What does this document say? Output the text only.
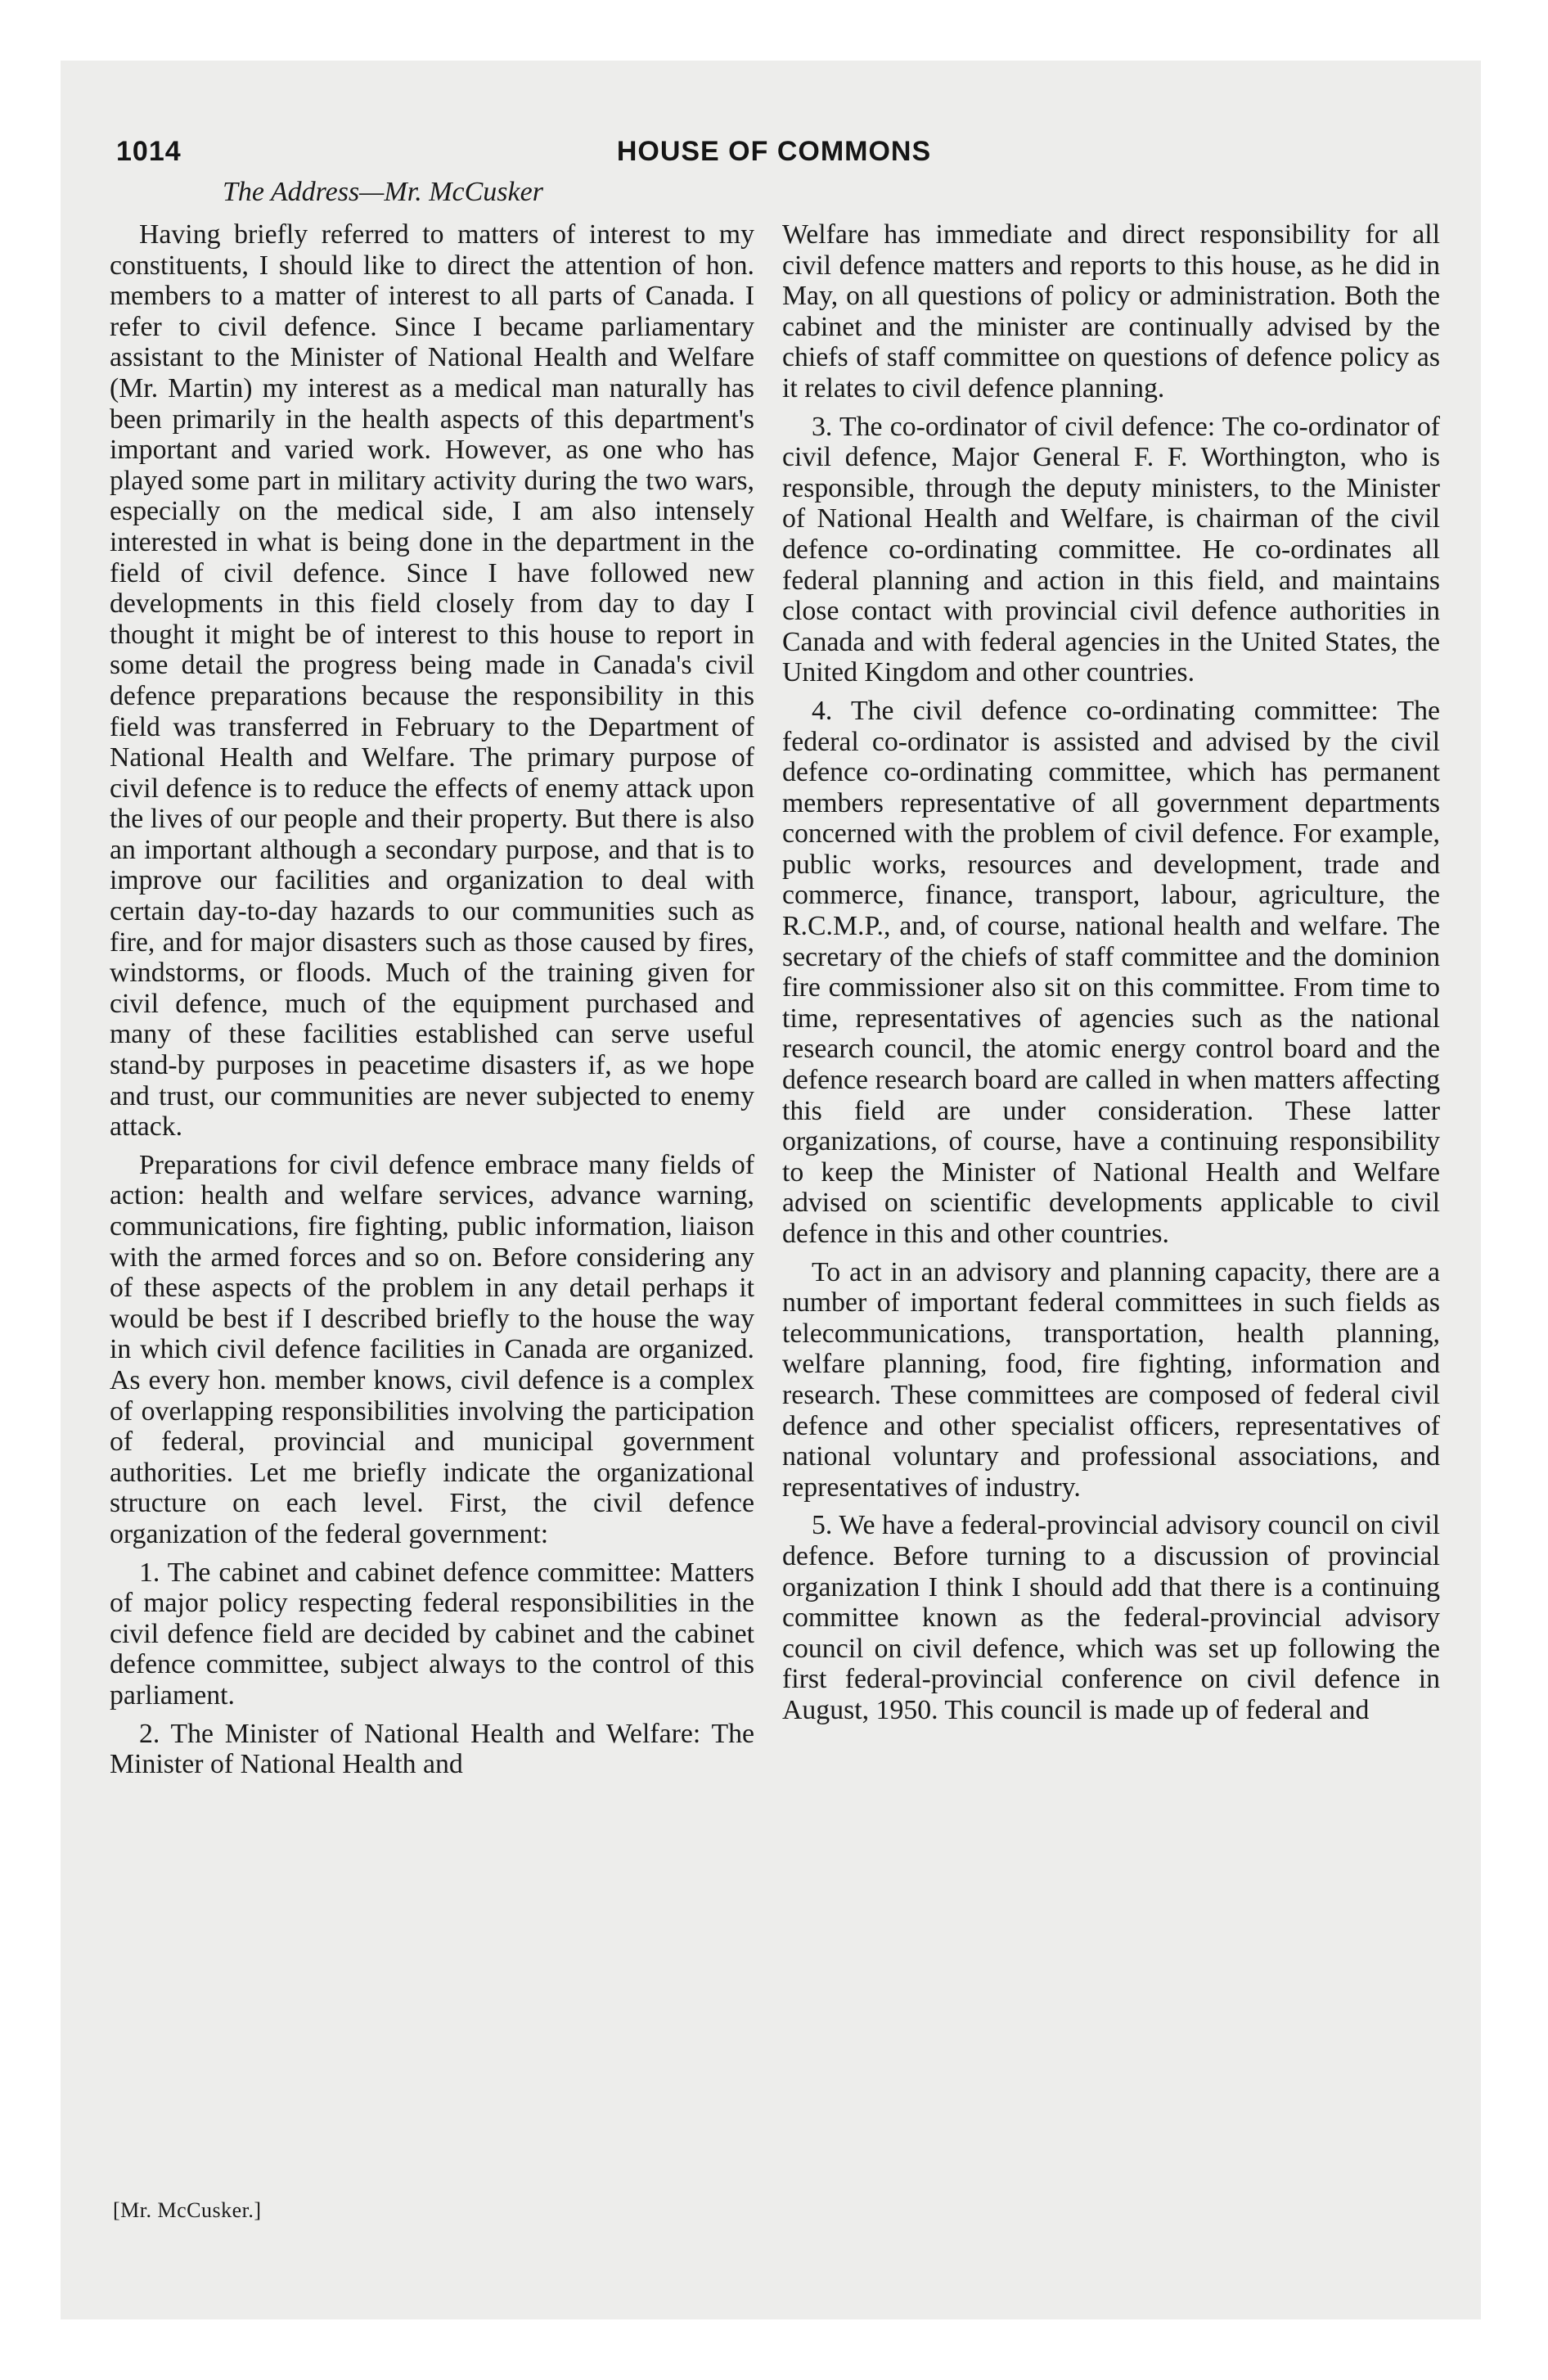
1014	HOUSE OF COMMONS
The Address—Mr. McCusker

Having briefly referred to matters of interest to my constituents, I should like to direct the attention of hon. members to a matter of interest to all parts of Canada. I refer to civil defence. Since I became parliamentary assistant to the Minister of National Health and Welfare (Mr. Martin) my interest as a medical man naturally has been primarily in the health aspects of this department's important and varied work. However, as one who has played some part in military activity during the two wars, especially on the medical side, I am also intensely interested in what is being done in the department in the field of civil defence. Since I have followed new developments in this field closely from day to day I thought it might be of interest to this house to report in some detail the progress being made in Canada's civil defence preparations because the responsibility in this field was transferred in February to the Department of National Health and Welfare. The primary purpose of civil defence is to reduce the effects of enemy attack upon the lives of our people and their property. But there is also an important although a secondary purpose, and that is to improve our facilities and organization to deal with certain day-to-day hazards to our communities such as fire, and for major disasters such as those caused by fires, windstorms, or floods. Much of the training given for civil defence, much of the equipment purchased and many of these facilities established can serve useful stand-by purposes in peacetime disasters if, as we hope and trust, our communities are never subjected to enemy attack.

Preparations for civil defence embrace many fields of action: health and welfare services, advance warning, communications, fire fighting, public information, liaison with the armed forces and so on. Before considering any of these aspects of the problem in any detail perhaps it would be best if I described briefly to the house the way in which civil defence facilities in Canada are organized. As every hon. member knows, civil defence is a complex of overlapping responsibilities involving the participation of federal, provincial and municipal government authorities. Let me briefly indicate the organizational structure on each level. First, the civil defence organization of the federal government:

1. The cabinet and cabinet defence committee: Matters of major policy respecting federal responsibilities in the civil defence field are decided by cabinet and the cabinet defence committee, subject always to the control of this parliament.

2. The Minister of National Health and Welfare: The Minister of National Health and

Welfare has immediate and direct responsibility for all civil defence matters and reports to this house, as he did in May, on all questions of policy or administration. Both the cabinet and the minister are continually advised by the chiefs of staff committee on questions of defence policy as it relates to civil defence planning.

3. The co-ordinator of civil defence: The co-ordinator of civil defence, Major General F. F. Worthington, who is responsible, through the deputy ministers, to the Minister of National Health and Welfare, is chairman of the civil defence co-ordinating committee. He co-ordinates all federal planning and action in this field, and maintains close contact with provincial civil defence authorities in Canada and with federal agencies in the United States, the United Kingdom and other countries.

4. The civil defence co-ordinating committee: The federal co-ordinator is assisted and advised by the civil defence co-ordinating committee, which has permanent members representative of all government departments concerned with the problem of civil defence. For example, public works, resources and development, trade and commerce, finance, transport, labour, agriculture, the R.C.M.P., and, of course, national health and welfare. The secretary of the chiefs of staff committee and the dominion fire commissioner also sit on this committee. From time to time, representatives of agencies such as the national research council, the atomic energy control board and the defence research board are called in when matters affecting this field are under consideration. These latter organizations, of course, have a continuing responsibility to keep the Minister of National Health and Welfare advised on scientific developments applicable to civil defence in this and other countries.

To act in an advisory and planning capacity, there are a number of important federal committees in such fields as telecommunications, transportation, health planning, welfare planning, food, fire fighting, information and research. These committees are composed of federal civil defence and other specialist officers, representatives of national voluntary and professional associations, and representatives of industry.

5. We have a federal-provincial advisory council on civil defence. Before turning to a discussion of provincial organization I think I should add that there is a continuing committee known as the federal-provincial advisory council on civil defence, which was set up following the first federal-provincial conference on civil defence in August, 1950. This council is made up of federal and

[Mr. McCusker.]
